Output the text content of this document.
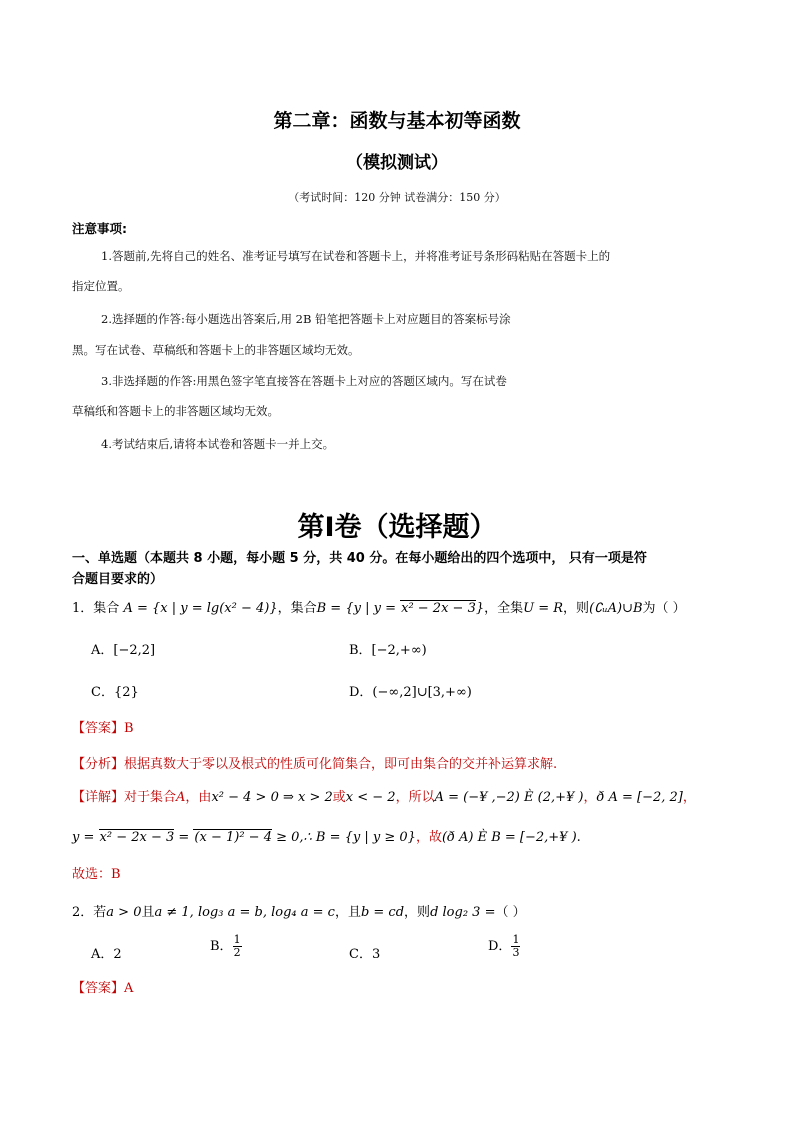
第二章：函数与基本初等函数
（模拟测试）
（考试时间：120 分钟 试卷满分：150 分）
注意事项:
1.答题前,先将自己的姓名、准考证号填写在试卷和答题卡上，并将准考证号条形码粘贴在答题卡上的
指定位置。
2.选择题的作答:每小题选出答案后,用 2B 铅笔把答题卡上对应题目的答案标号涂
黑。写在试卷、草稿纸和答题卡上的非答题区域均无效。
3.非选择题的作答:用黑色签字笔直接答在答题卡上对应的答题区域内。写在试卷
草稿纸和答题卡上的非答题区域均无效。
4.考试结束后,请将本试卷和答题卡一并上交。
第Ⅰ卷（选择题）
一、单选题（本题共 8 小题，每小题 5 分，共 40 分。在每小题给出的四个选项中， 只有一项是符
合题目要求的）
1．集合 A = {x | y = lg(x² − 4)}，集合B = {y | y = x² − 2x − 3}，全集U = R，则(∁ᵤA)∪B为（ ）
A．[−2,2]	B．[−2,+∞)
C．{2}	D．(−∞,2]∪[3,+∞)
【答案】B
【分析】根据真数大于零以及根式的性质可化简集合，即可由集合的交并补运算求解.
【详解】对于集合A，由x² − 4 > 0 ⇒ x > 2或x < − 2，所以A = (−¥ ,−2) È (2,+¥ )，ð A = [−2, 2]，
y = x² − 2x − 3 = (x − 1)² − 4 ≥ 0,∴ B = {y | y ≥ 0}，故(ð A) È B = [−2,+¥ ).
故选：B
2．若a > 0且a ≠ 1, log₃ a = b, log₄ a = c，且b = cd，则d log₂ 3 =（ ）
A．2
B． $\frac{1}{2}$	C．3
D． $\frac{1}{3}$
【答案】A
